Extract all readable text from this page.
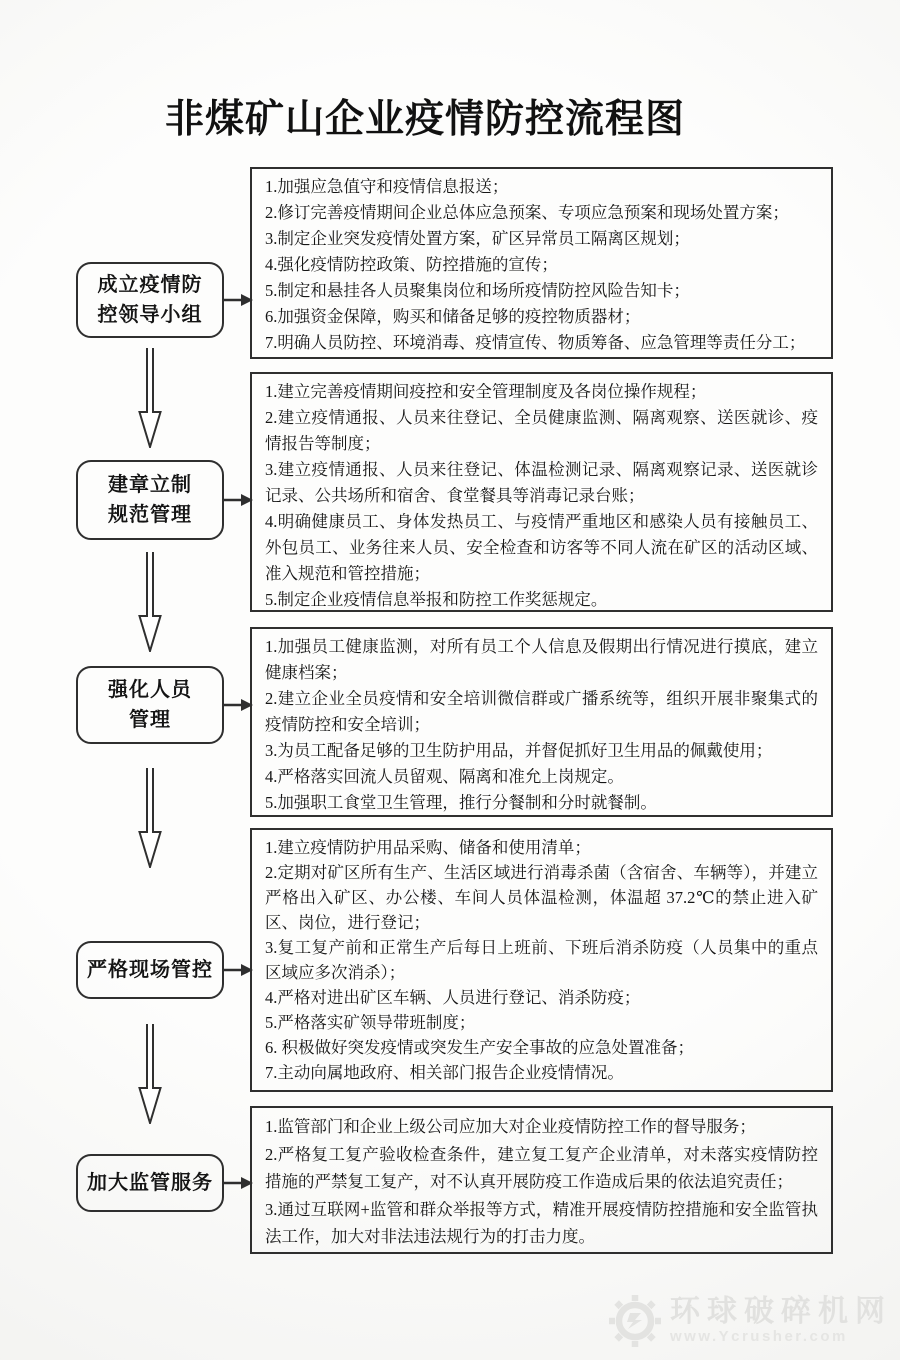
非煤矿山企业疫情防控流程图
成立疫情防
控领导小组
1.加强应急值守和疫情信息报送；
2.修订完善疫情期间企业总体应急预案、专项应急预案和现场处置方案；
3.制定企业突发疫情处置方案，矿区异常员工隔离区规划；
4.强化疫情防控政策、防控措施的宣传；
5.制定和悬挂各人员聚集岗位和场所疫情防控风险告知卡；
6.加强资金保障，购买和储备足够的疫控物质器材；
7.明确人员防控、环境消毒、疫情宣传、物质筹备、应急管理等责任分工；
建章立制
规范管理
1.建立完善疫情期间疫控和安全管理制度及各岗位操作规程；
2.建立疫情通报、人员来往登记、全员健康监测、隔离观察、送医就诊、疫情报告等制度；
3.建立疫情通报、人员来往登记、体温检测记录、隔离观察记录、送医就诊记录、公共场所和宿舍、食堂餐具等消毒记录台账；
4.明确健康员工、身体发热员工、与疫情严重地区和感染人员有接触员工、外包员工、业务往来人员、安全检查和访客等不同人流在矿区的活动区域、准入规范和管控措施；
5.制定企业疫情信息举报和防控工作奖惩规定。
强化人员
管理
1.加强员工健康监测，对所有员工个人信息及假期出行情况进行摸底，建立健康档案；
2.建立企业全员疫情和安全培训微信群或广播系统等，组织开展非聚集式的疫情防控和安全培训；
3.为员工配备足够的卫生防护用品，并督促抓好卫生用品的佩戴使用；
4.严格落实回流人员留观、隔离和准允上岗规定。
5.加强职工食堂卫生管理，推行分餐制和分时就餐制。
严格现场管控
1.建立疫情防护用品采购、储备和使用清单；
2.定期对矿区所有生产、生活区域进行消毒杀菌（含宿舍、车辆等），并建立严格出入矿区、办公楼、车间人员体温检测，体温超 37.2℃的禁止进入矿区、岗位，进行登记；
3.复工复产前和正常生产后每日上班前、下班后消杀防疫（人员集中的重点区域应多次消杀）；
4.严格对进出矿区车辆、人员进行登记、消杀防疫；
5.严格落实矿领导带班制度；
6. 积极做好突发疫情或突发生产安全事故的应急处置准备；
7.主动向属地政府、相关部门报告企业疫情情况。
加大监管服务
1.监管部门和企业上级公司应加大对企业疫情防控工作的督导服务；
2.严格复工复产验收检查条件，建立复工复产企业清单，对未落实疫情防控措施的严禁复工复产，对不认真开展防疫工作造成后果的依法追究责任；
3.通过互联网+监管和群众举报等方式，精准开展疫情防控措施和安全监管执法工作，加大对非法违法规行为的打击力度。
环球破碎机网
www.Ycrusher.com
